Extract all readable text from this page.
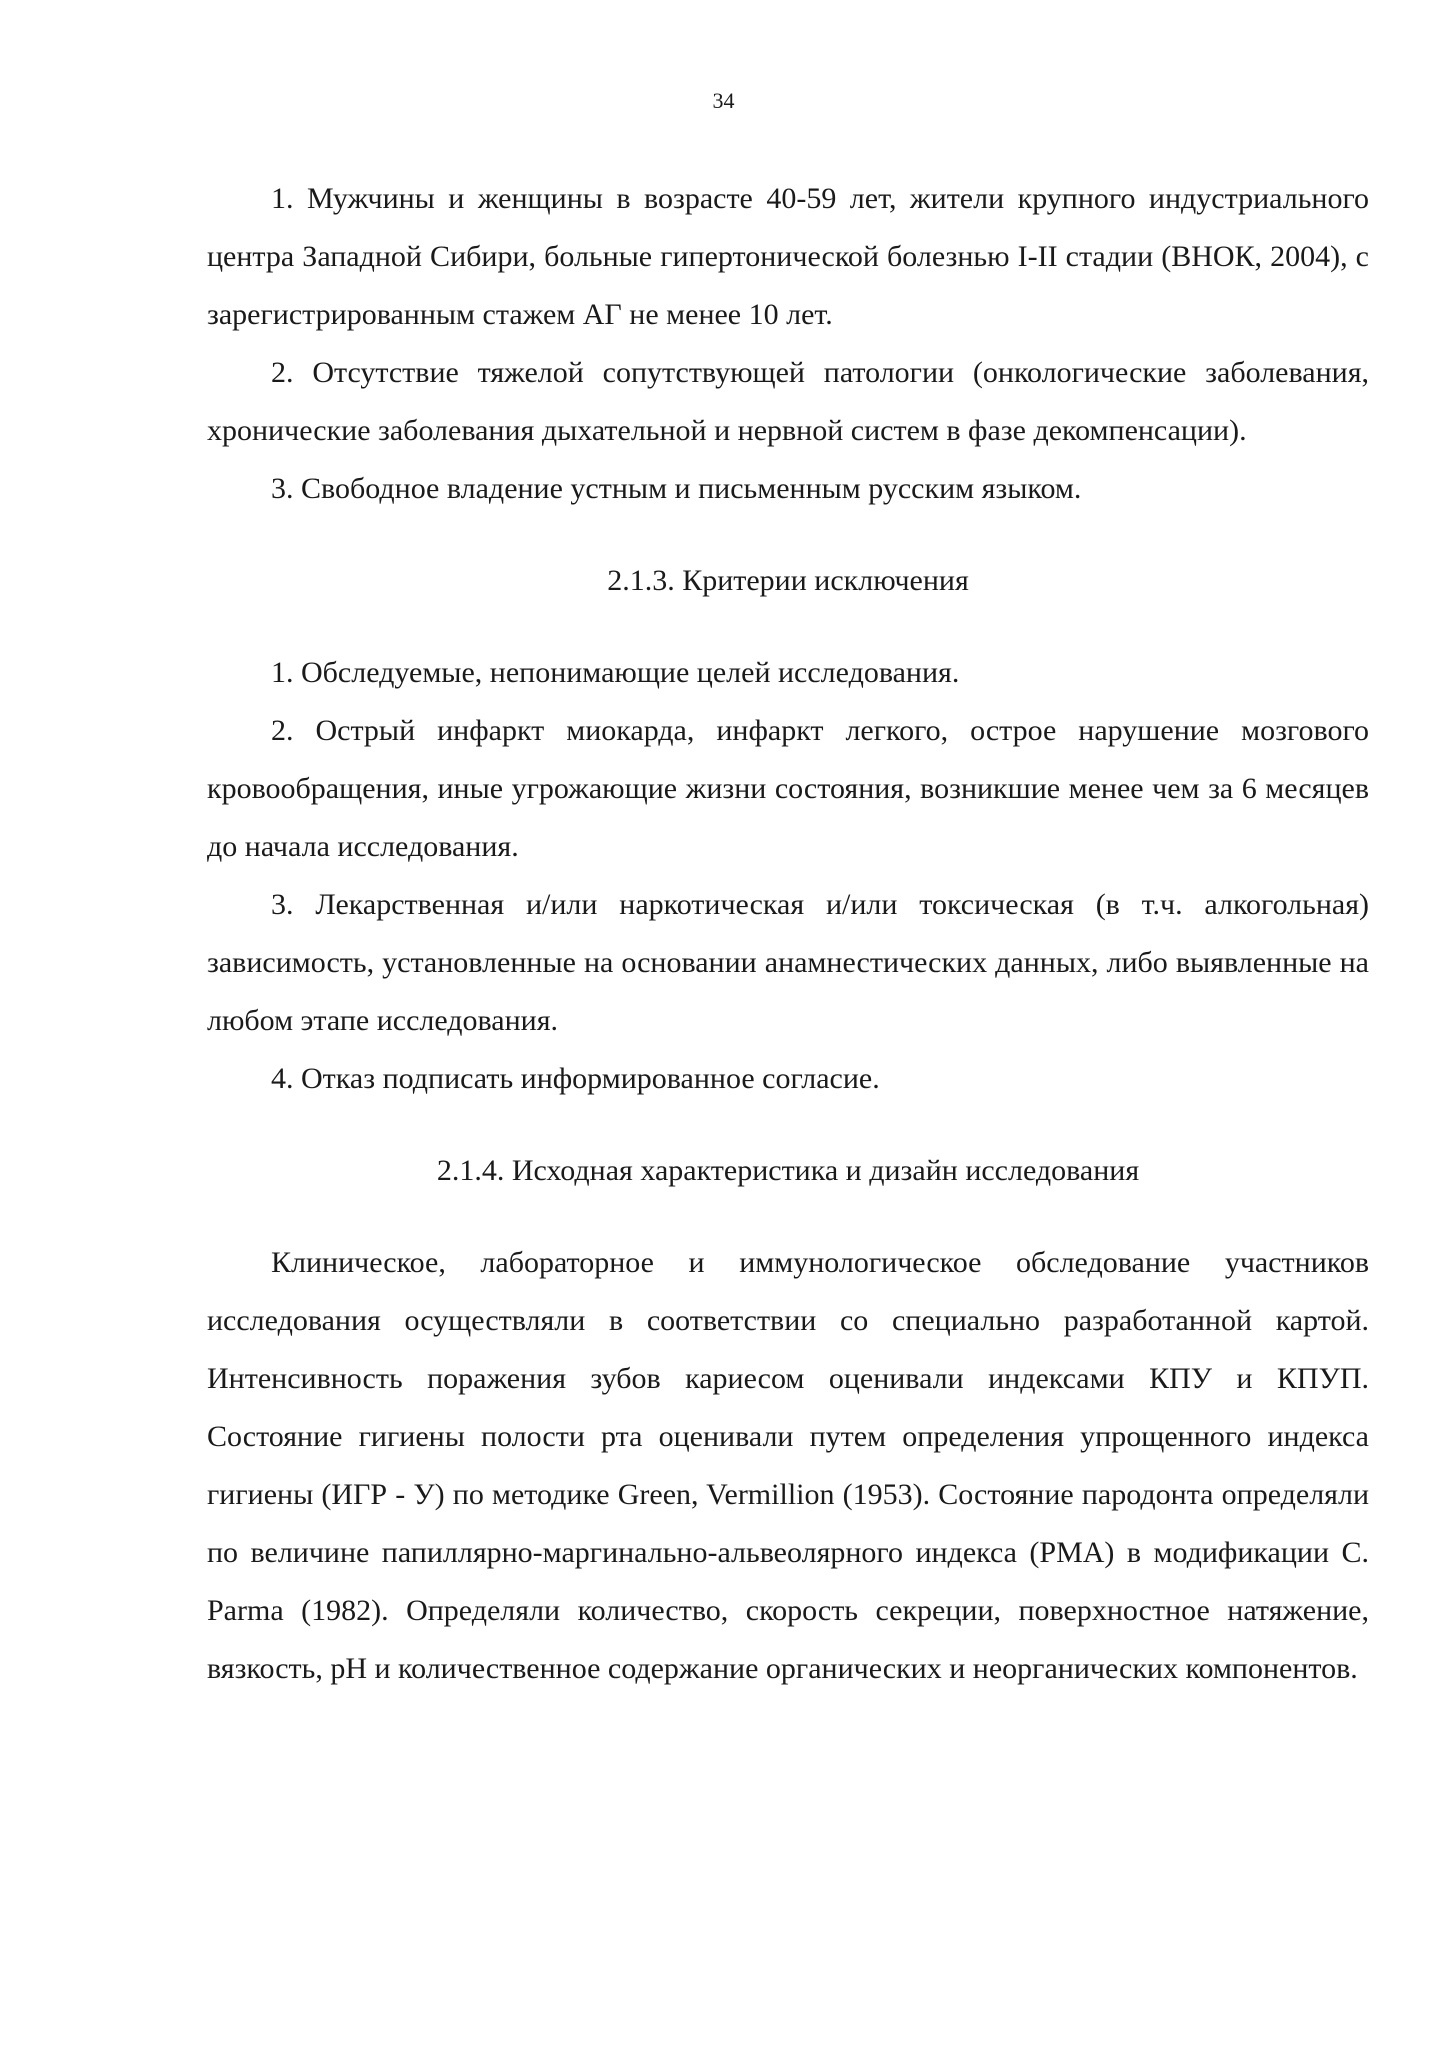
34

1. Мужчины и женщины в возрасте 40-59 лет, жители крупного индустриального центра Западной Сибири, больные гипертонической болезнью I-II стадии (ВНОК, 2004), с зарегистрированным стажем АГ не менее 10 лет.

2. Отсутствие тяжелой сопутствующей патологии (онкологические заболевания, хронические заболевания дыхательной и нервной систем в фазе декомпенсации).

3. Свободное владение устным и письменным русским языком.

2.1.3. Критерии исключения

1. Обследуемые, непонимающие целей исследования.

2. Острый инфаркт миокарда, инфаркт легкого, острое нарушение мозгового кровообращения, иные угрожающие жизни состояния, возникшие менее чем за 6 месяцев до начала исследования.

3. Лекарственная и/или наркотическая и/или токсическая (в т.ч. алкогольная) зависимость, установленные на основании анамнестических данных, либо выявленные на любом этапе исследования.

4. Отказ подписать информированное согласие.

2.1.4. Исходная характеристика и дизайн исследования

Клиническое, лабораторное и иммунологическое обследование участников исследования осуществляли в соответствии со специально разработанной картой. Интенсивность поражения зубов кариесом оценивали индексами КПУ и КПУП. Состояние гигиены полости рта оценивали путем определения упрощенного индекса гигиены (ИГР - У) по методике Green, Vermillion (1953). Состояние пародонта определяли по величине папиллярно-маргинально-альвеолярного индекса (PMA) в модификации C. Parma (1982). Определяли количество, скорость секреции, поверхностное натяжение, вязкость, pH и количественное содержание органических и неорганических компонентов.
